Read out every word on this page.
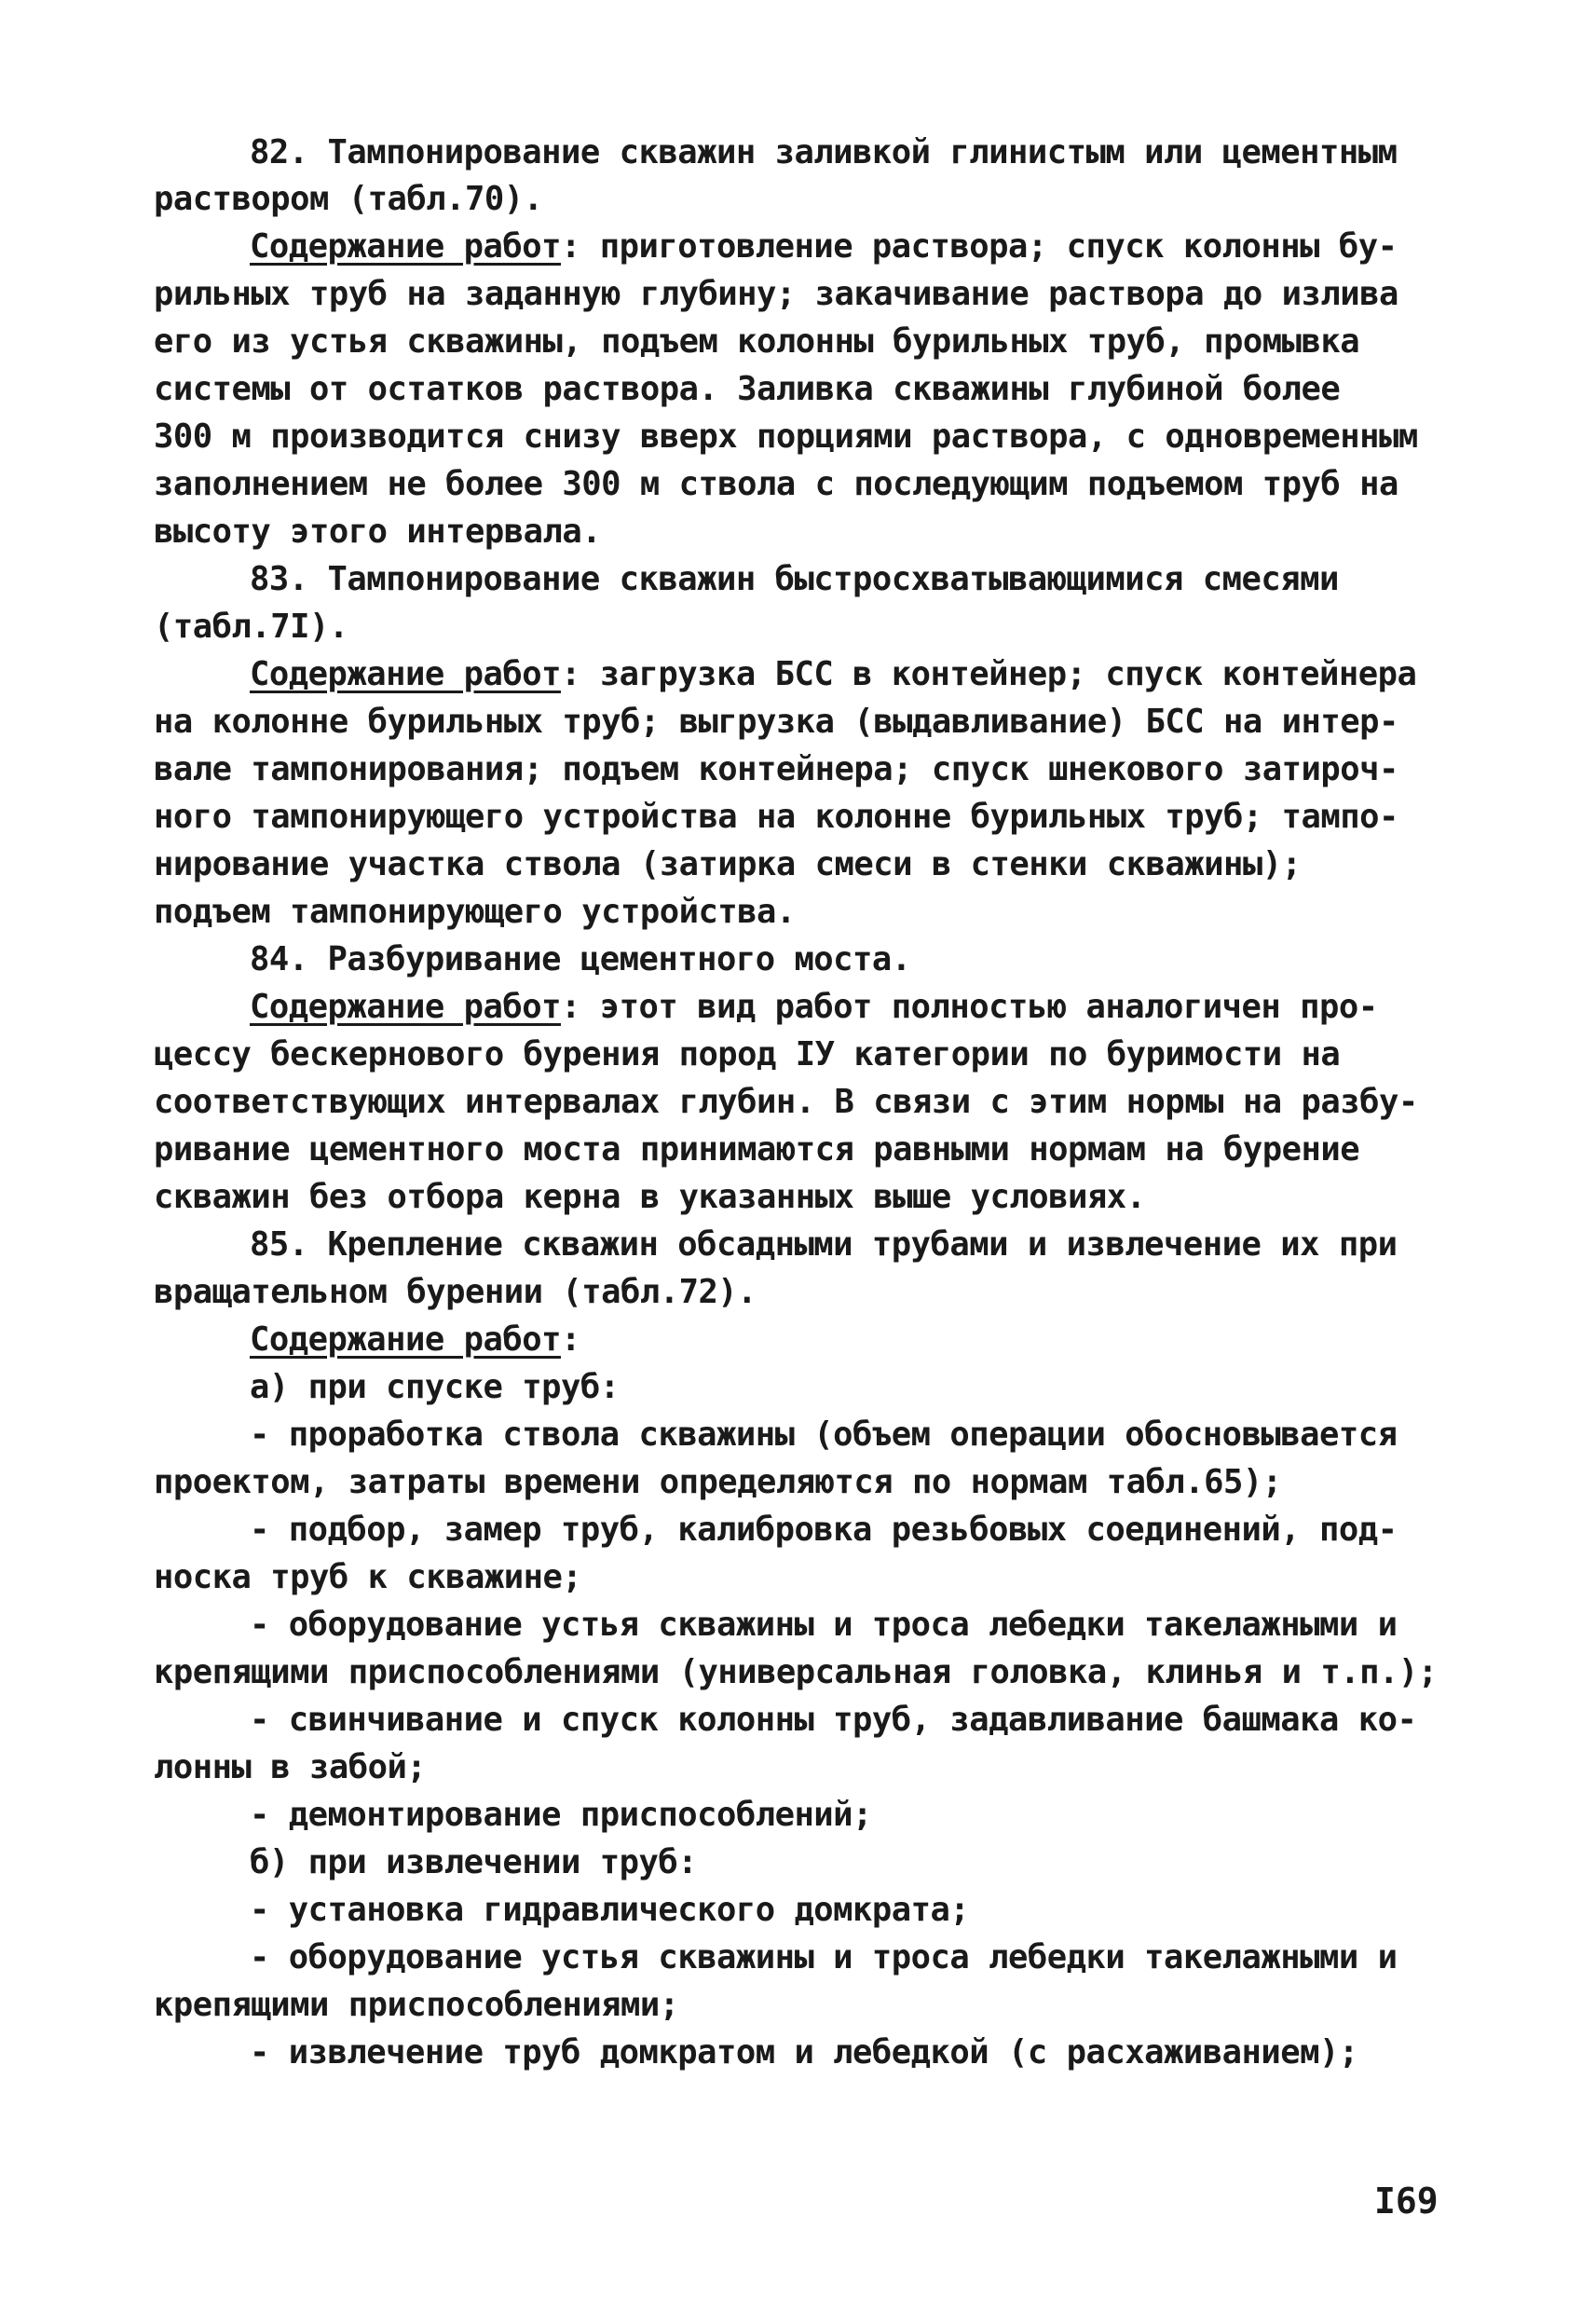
82. Тампонирование скважин заливкой глинистым или цементным
раствором (табл.70).
Содержание работ: приготовление раствора; спуск колонны бу-
рильных труб на заданную глубину; закачивание раствора до излива
его из устья скважины, подъем колонны бурильных труб, промывка
системы от остатков раствора. Заливка скважины глубиной более
300 м производится снизу вверх порциями раствора, с одновременным
заполнением не более 300 м ствола с последующим подъемом труб на
высоту этого интервала.
83. Тампонирование скважин быстросхватывающимися смесями
(табл.7I).
Содержание работ: загрузка БСС в контейнер; спуск контейнера
на колонне бурильных труб; выгрузка (выдавливание) БСС на интер-
вале тампонирования; подъем контейнера; спуск шнекового затироч-
ного тампонирующего устройства на колонне бурильных труб; тампо-
нирование участка ствола (затирка смеси в стенки скважины);
подъем тампонирующего устройства.
84. Разбуривание цементного моста.
Содержание работ: этот вид работ полностью аналогичен про-
цессу бескернового бурения пород IУ категории по буримости на
соответствующих интервалах глубин. В связи с этим нормы на разбу-
ривание цементного моста принимаются равными нормам на бурение
скважин без отбора керна в указанных выше условиях.
85. Крепление скважин обсадными трубами и извлечение их при
вращательном бурении (табл.72).
Содержание работ:
а) при спуске труб:
- проработка ствола скважины (объем операции обосновывается
проектом, затраты времени определяются по нормам табл.65);
- подбор, замер труб, калибровка резьбовых соединений, под-
носка труб к скважине;
- оборудование устья скважины и троса лебедки такелажными и
крепящими приспособлениями (универсальная головка, клинья и т.п.);
- свинчивание и спуск колонны труб, задавливание башмака ко-
лонны в забой;
- демонтирование приспособлений;
б) при извлечении труб:
- установка гидравлического домкрата;
- оборудование устья скважины и троса лебедки такелажными и
крепящими приспособлениями;
- извлечение труб домкратом и лебедкой (с расхаживанием);
I69
